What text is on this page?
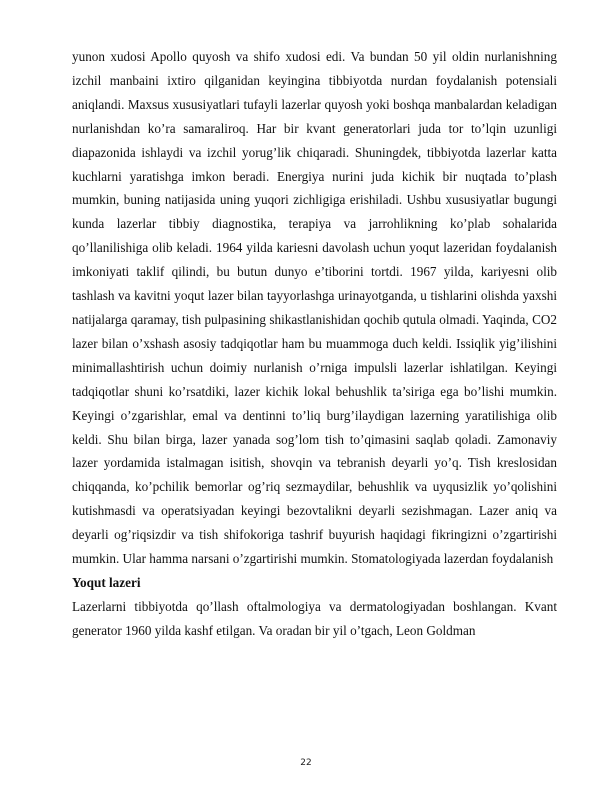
yunon xudosi Apollo quyosh va shifo xudosi edi. Va bundan 50 yil oldin nurlanishning izchil manbaini ixtiro qilganidan keyingina tibbiyotda nurdan foydalanish potensiali aniqlandi. Maxsus xususiyatlari tufayli lazerlar quyosh yoki boshqa manbalardan keladigan nurlanishdan ko’ra samaraliroq. Har bir kvant generatorlari juda tor to’lqin uzunligi diapazonida ishlaydi va izchil yorug’lik chiqaradi. Shuningdek, tibbiyotda lazerlar katta kuchlarni yaratishga imkon beradi. Energiya nurini juda kichik bir nuqtada to’plash mumkin, buning natijasida uning yuqori zichligiga erishiladi. Ushbu xususiyatlar bugungi kunda lazerlar tibbiy diagnostika, terapiya va jarrohlikning ko’plab sohalarida qo’llanilishiga olib keladi. 1964 yilda kariesni davolash uchun yoqut lazeridan foydalanish imkoniyati taklif qilindi, bu butun dunyo e’tiborini tortdi. 1967 yilda, kariyesni olib tashlash va kavitni yoqut lazer bilan tayyorlashga urinayotganda, u tishlarini olishda yaxshi natijalarga qaramay, tish pulpasining shikastlanishidan qochib qutula olmadi. Yaqinda, CO2 lazer bilan o’xshash asosiy tadqiqotlar ham bu muammoga duch keldi. Issiqlik yig’ilishini minimallashtirish uchun doimiy nurlanish o’rniga impulsli lazerlar ishlatilgan. Keyingi tadqiqotlar shuni ko’rsatdiki, lazer kichik lokal behushlik ta’siriga ega bo’lishi mumkin. Keyingi o’zgarishlar, emal va dentinni to’liq burg’ilaydigan lazerning yaratilishiga olib keldi. Shu bilan birga, lazer yanada sog’lom tish to’qimasini saqlab qoladi. Zamonaviy lazer yordamida istalmagan isitish, shovqin va tebranish deyarli yo’q. Tish kreslosidan chiqqanda, ko’pchilik bemorlar og’riq sezmaydilar, behushlik va uyqusizlik yo’qolishini kutishmasdi va operatsiyadan keyingi bezovtalikni deyarli sezishmagan. Lazer aniq va deyarli og’riqsizdir va tish shifokoriga tashrif buyurish haqidagi fikringizni o’zgartirishi mumkin. Ular hamma narsani o’zgartirishi mumkin. Stomatologiyada lazerdan foydalanish

Yoqut lazeri

Lazerlarni tibbiyotda qo’llash oftalmologiya va dermatologiyadan boshlangan. Kvant generator 1960 yilda kashf etilgan. Va oradan bir yil o’tgach, Leon Goldman

22
